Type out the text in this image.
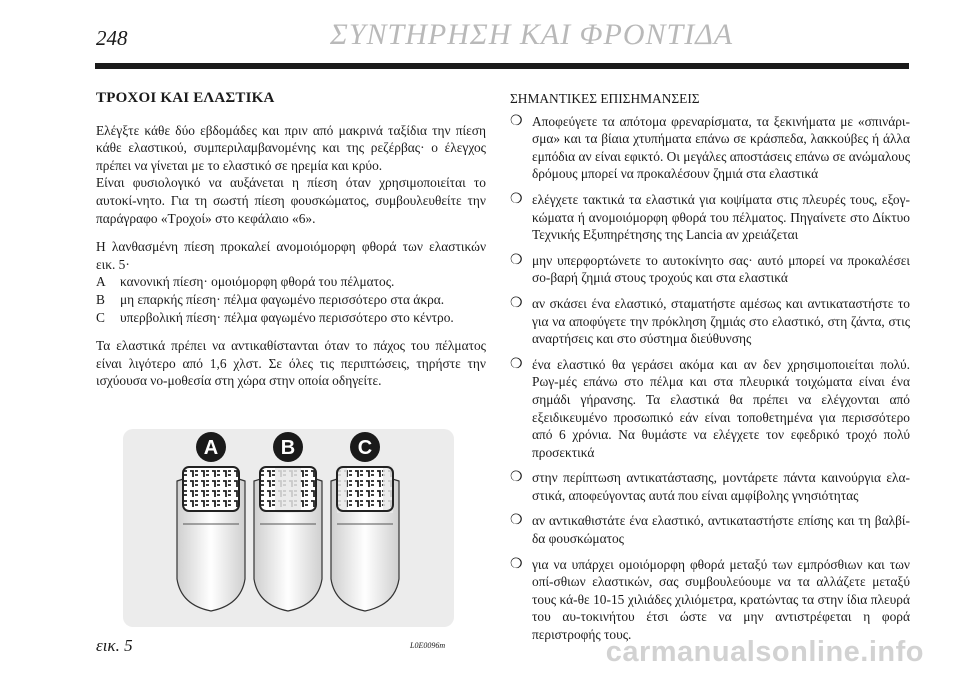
248	ΣΥΝΤΗΡΗΣΗ ΚΑΙ ΦΡΟΝΤΙΔΑ
ΤΡΟΧΟΙ ΚΑΙ ΕΛΑΣΤΙΚΑ

Ελέγξτε κάθε δύο εβδομάδες και πριν από μακρινά ταξίδια την πίεση κάθε ελαστικού, συμπεριλαμβανομένης και της ρεζέρβας· ο έλεγχος πρέπει να γίνεται με το ελαστικό σε ηρεμία και κρύο.

Είναι φυσιολογικό να αυξάνεται η πίεση όταν χρησιμοποιείται το αυτοκί-νητο. Για τη σωστή πίεση φουσκώματος, συμβουλευθείτε την παράγραφο «Τροχοί» στο κεφάλαιο «6».

Η λανθασμένη πίεση προκαλεί ανομοιόμορφη φθορά των ελαστικών εικ. 5·

A	κανονική πίεση· ομοιόμορφη φθορά του πέλματος.
B	μη επαρκής πίεση· πέλμα φαγωμένο περισσότερο στα άκρα.
C	υπερβολική πίεση· πέλμα φαγωμένο περισσότερο στο κέντρο.

Τα ελαστικά πρέπει να αντικαθίστανται όταν το πάχος του πέλματος είναι λιγότερο από 1,6 χλστ. Σε όλες τις περιπτώσεις, τηρήστε την ισχύουσα νο-μοθεσία στη χώρα στην οποία οδηγείτε.

A	B	C
εικ. 5	L0E0096m
ΣΗΜΑΝΤΙΚΕΣ ΕΠΙΣΗΜΑΝΣΕΙΣ
❍ Αποφεύγετε τα απότομα φρεναρίσματα, τα ξεκινήματα με «σπινάρι-σμα» και τα βίαια χτυπήματα επάνω σε κράσπεδα, λακκούβες ή άλλα εμπόδια αν είναι εφικτό. Οι μεγάλες αποστάσεις επάνω σε ανώμαλους δρόμους μπορεί να προκαλέσουν ζημιά στα ελαστικά
❍ ελέγχετε τακτικά τα ελαστικά για κοψίματα στις πλευρές τους, εξογ-κώματα ή ανομοιόμορφη φθορά του πέλματος. Πηγαίνετε στο Δίκτυο Τεχνικής Εξυπηρέτησης της Lancia αν χρειάζεται
❍ μην υπερφορτώνετε το αυτοκίνητο σας· αυτό μπορεί να προκαλέσει σο-βαρή ζημιά στους τροχούς και στα ελαστικά
❍ αν σκάσει ένα ελαστικό, σταματήστε αμέσως και αντικαταστήστε το για να αποφύγετε την πρόκληση ζημιάς στο ελαστικό, στη ζάντα, στις αναρτήσεις και στο σύστημα διεύθυνσης
❍ ένα ελαστικό θα γεράσει ακόμα και αν δεν χρησιμοποιείται πολύ. Ρωγ-μές επάνω στο πέλμα και στα πλευρικά τοιχώματα είναι ένα σημάδι γήρανσης. Τα ελαστικά θα πρέπει να ελέγχονται από εξειδικευμένο προσωπικό εάν είναι τοποθετημένα για περισσότερο από 6 χρόνια. Να θυμάστε να ελέγχετε τον εφεδρικό τροχό πολύ προσεκτικά
❍ στην περίπτωση αντικατάστασης, μοντάρετε πάντα καινούργια ελα-στικά, αποφεύγοντας αυτά που είναι αμφίβολης γνησιότητας
❍ αν αντικαθιστάτε ένα ελαστικό, αντικαταστήστε επίσης και τη βαλβί-δα φουσκώματος
❍ για να υπάρχει ομοιόμορφη φθορά μεταξύ των εμπρόσθιων και των οπί-σθιων ελαστικών, σας συμβουλεύουμε να τα αλλάζετε μεταξύ τους κά-θε 10-15 χιλιάδες χιλιόμετρα, κρατώντας τα στην ίδια πλευρά του αυ-τοκινήτου έτσι ώστε να μην αντιστρέφεται η φορά περιστροφής τους.
carmanualsonline.info
